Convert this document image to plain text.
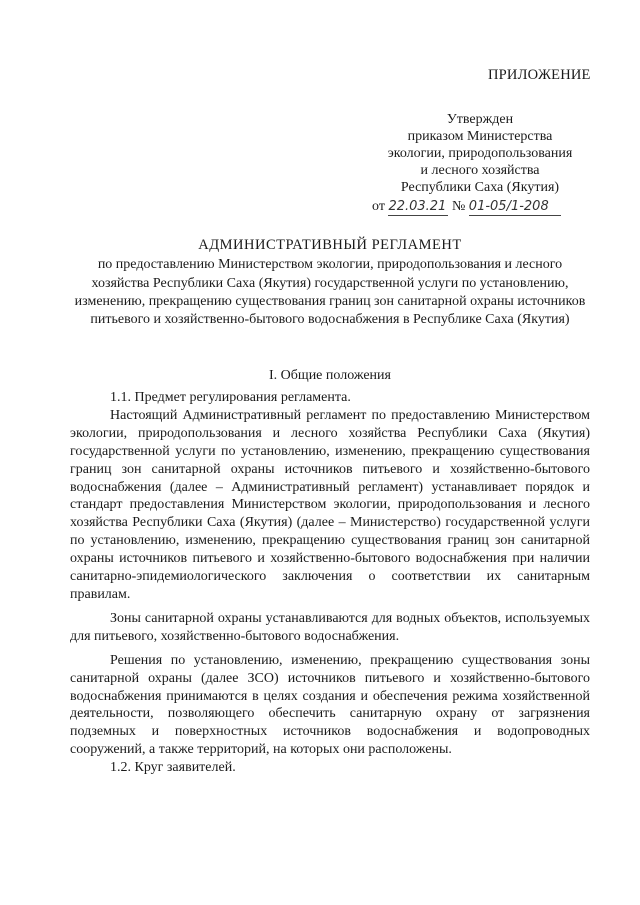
ПРИЛОЖЕНИЕ
Утвержден
приказом Министерства
экологии, природопользования
и лесного хозяйства
Республики Саха (Якутия)
от 22.03.21 № 01-05/1-208
АДМИНИСТРАТИВНЫЙ РЕГЛАМЕНТ
по предоставлению Министерством экологии, природопользования и лесного хозяйства Республики Саха (Якутия) государственной услуги по установлению, изменению, прекращению существования границ зон санитарной охраны источников питьевого и хозяйственно-бытового водоснабжения в Республике Саха (Якутия)
I. Общие положения

1.1. Предмет регулирования регламента.

Настоящий Административный регламент по предоставлению Министерством экологии, природопользования и лесного хозяйства Республики Саха (Якутия) государственной услуги по установлению, изменению, прекращению существования границ зон санитарной охраны источников питьевого и хозяйственно-бытового водоснабжения (далее – Административный регламент) устанавливает порядок и стандарт предоставления Министерством экологии, природопользования и лесного хозяйства Республики Саха (Якутия) (далее – Министерство) государственной услуги по установлению, изменению, прекращению существования границ зон санитарной охраны источников питьевого и хозяйственно-бытового водоснабжения при наличии санитарно-эпидемиологического заключения о соответствии их санитарным правилам.

Зоны санитарной охраны устанавливаются для водных объектов, используемых для питьевого, хозяйственно-бытового водоснабжения.

Решения по установлению, изменению, прекращению существования зоны санитарной охраны (далее ЗСО) источников питьевого и хозяйственно-бытового водоснабжения принимаются в целях создания и обеспечения режима хозяйственной деятельности, позволяющего обеспечить санитарную охрану от загрязнения подземных и поверхностных источников водоснабжения и водопроводных сооружений, а также территорий, на которых они расположены.

1.2. Круг заявителей.
